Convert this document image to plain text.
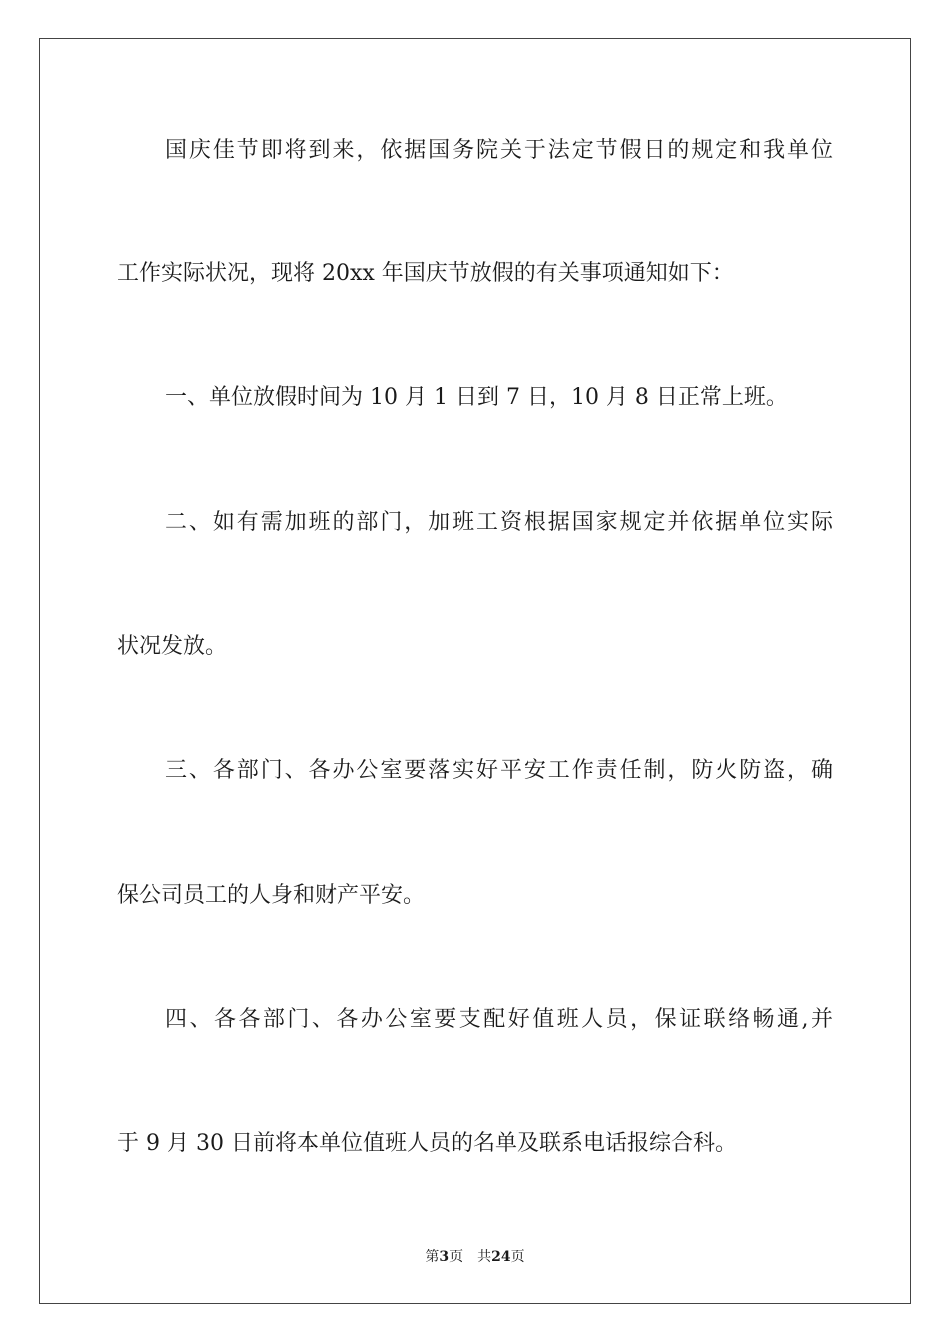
国庆佳节即将到来，依据国务院关于法定节假日的规定和我单位
工作实际状况，现将 20xx 年国庆节放假的有关事项通知如下：
一、单位放假时间为 10 月 1 日到 7 日，10 月 8 日正常上班。
二、如有需加班的部门，加班工资根据国家规定并依据单位实际
状况发放。
三、各部门、各办公室要落实好平安工作责任制，防火防盗，确
保公司员工的人身和财产平安。
四、各各部门、各办公室要支配好值班人员，保证联络畅通,并
于 9 月 30 日前将本单位值班人员的名单及联系电话报综合科。
第3页 共24页
